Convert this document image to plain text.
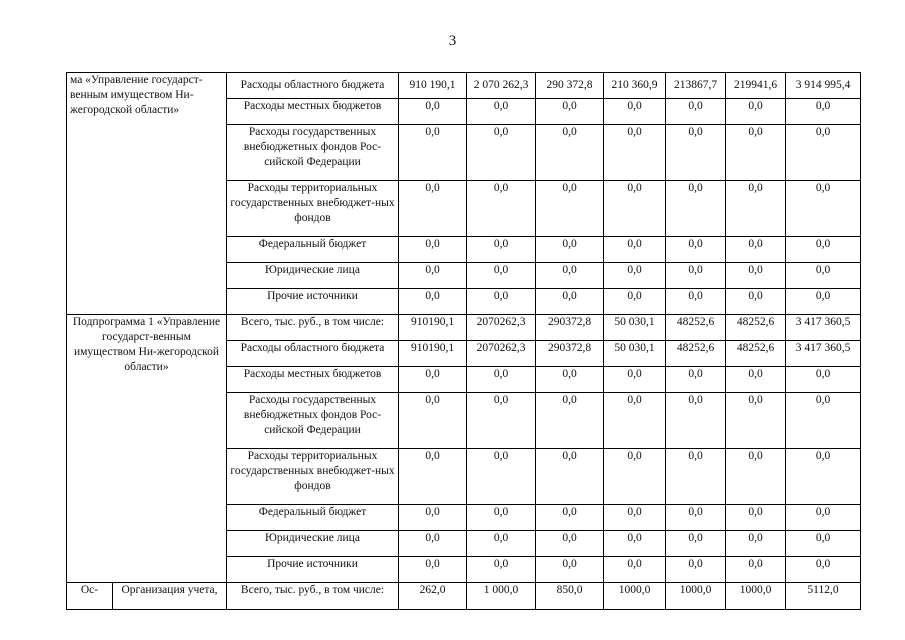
3
ма «Управление государст-венным имуществом Ни-жегородской области»		Расходы областного бюджета	910 190,1	2 070 262,3	290 372,8	210 360,9	213867,7	219941,6	3 914 995,4
		Расходы местных бюджетов	0,0	0,0	0,0	0,0	0,0	0,0	0,0
		Расходы государственных внебюджетных фондов Рос-сийской Федерации	0,0	0,0	0,0	0,0	0,0	0,0	0,0
		Расходы территориальных государственных внебюджет-ных фондов	0,0	0,0	0,0	0,0	0,0	0,0	0,0
		Федеральный бюджет	0,0	0,0	0,0	0,0	0,0	0,0	0,0
		Юридические лица	0,0	0,0	0,0	0,0	0,0	0,0	0,0
		Прочие источники	0,0	0,0	0,0	0,0	0,0	0,0	0,0
Подпрограмма 1 «Управление государст-венным имуществом Ни-жегородской области»		Всего, тыс. руб., в том числе:	910190,1	2070262,3	290372,8	50 030,1	48252,6	48252,6	3 417 360,5
		Расходы областного бюджета	910190,1	2070262,3	290372,8	50 030,1	48252,6	48252,6	3 417 360,5
		Расходы местных бюджетов	0,0	0,0	0,0	0,0	0,0	0,0	0,0
		Расходы государственных внебюджетных фондов Рос-сийской Федерации	0,0	0,0	0,0	0,0	0,0	0,0	0,0
		Расходы территориальных государственных внебюджет-ных фондов	0,0	0,0	0,0	0,0	0,0	0,0	0,0
		Федеральный бюджет	0,0	0,0	0,0	0,0	0,0	0,0	0,0
		Юридические лица	0,0	0,0	0,0	0,0	0,0	0,0	0,0
		Прочие источники	0,0	0,0	0,0	0,0	0,0	0,0	0,0
Ос-	Организация учета,	Всего, тыс. руб., в том числе:	262,0	1 000,0	850,0	1000,0	1000,0	1000,0	5112,0
